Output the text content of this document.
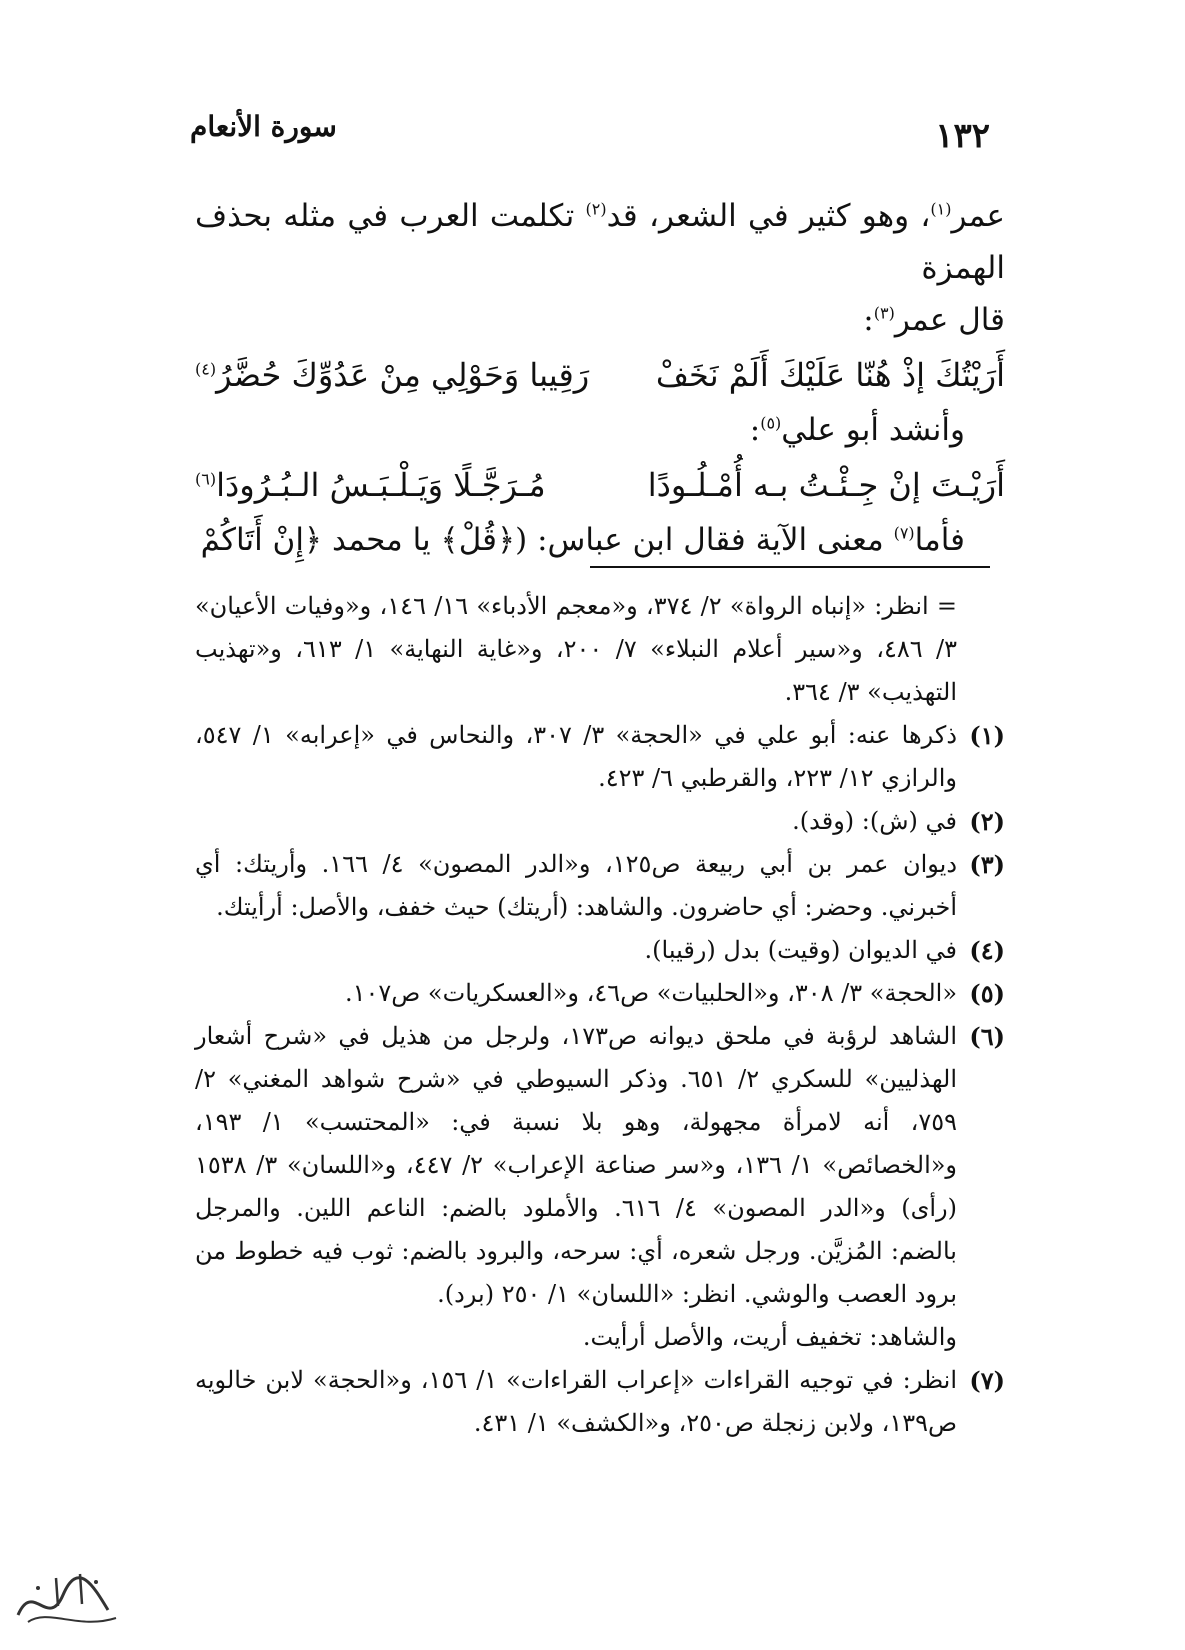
١٣٢
سورة الأنعام

عمر$^{(١)}$، وهو كثير في الشعر، قد$^{(٢)}$ تكلمت العرب في مثله بحذف الهمزة

قال عمر$^{(٣)}$:

أَرَيْتُكَ إذْ هُنّا عَلَيْكَ أَلَمْ نَخَفْ
رَقِيبا وَحَوْلِي مِنْ عَدُوِّكَ حُضَّرُ$^{(٤)}$

وأنشد أبو علي$^{(٥)}$:

أَرَيْـتَ إنْ جِـئْـتُ بـه أُمْـلُـودًا
مُـرَجَّـلًا وَيَـلْـبَـسُ الـبُـرُودَا$^{(٦)}$

فأما$^{(٧)}$ معنى الآية فقال ابن عباس: (﴿قُلْ﴾ يا محمد ﴿إِنْ أَتَاكُمْ

= انظر: «إنباه الرواة» ٢/ ٣٧٤، و«معجم الأدباء» ١٦/ ١٤٦، و«وفيات الأعيان» ٣/ ٤٨٦، و«سير أعلام النبلاء» ٧/ ٢٠٠، و«غاية النهاية» ١/ ٦١٣، و«تهذيب التهذيب» ٣/ ٣٦٤.

(١)
ذكرها عنه: أبو علي في «الحجة» ٣/ ٣٠٧، والنحاس في «إعرابه» ١/ ٥٤٧، والرازي ١٢/ ٢٢٣، والقرطبي ٦/ ٤٢٣.
(٢)
في (ش): (وقد).
(٣)
ديوان عمر بن أبي ربيعة ص١٢٥، و«الدر المصون» ٤/ ١٦٦. وأريتك: أي أخبرني. وحضر: أي حاضرون. والشاهد: (أريتك) حيث خفف، والأصل: أرأيتك.
(٤)
في الديوان (وقيت) بدل (رقيبا).
(٥)
«الحجة» ٣/ ٣٠٨، و«الحلبيات» ص٤٦، و«العسكريات» ص١٠٧.
(٦)
الشاهد لرؤبة في ملحق ديوانه ص١٧٣، ولرجل من هذيل في «شرح أشعار الهذليين» للسكري ٢/ ٦٥١. وذكر السيوطي في «شرح شواهد المغني» ٢/ ٧٥٩، أنه لامرأة مجهولة، وهو بلا نسبة في: «المحتسب» ١/ ١٩٣، و«الخصائص» ١/ ١٣٦، و«سر صناعة الإعراب» ٢/ ٤٤٧، و«اللسان» ٣/ ١٥٣٨ (رأى) و«الدر المصون» ٤/ ٦١٦. والأملود بالضم: الناعم اللين. والمرجل بالضم: المُزيَّن. ورجل شعره، أي: سرحه، والبرود بالضم: ثوب فيه خطوط من برود العصب والوشي. انظر: «اللسان» ١/ ٢٥٠ (برد).

والشاهد: تخفيف أريت، والأصل أرأيت.

(٧)
انظر: في توجيه القراءات «إعراب القراءات» ١/ ١٥٦، و«الحجة» لابن خالويه ص١٣٩، ولابن زنجلة ص٢٥٠، و«الكشف» ١/ ٤٣١.
